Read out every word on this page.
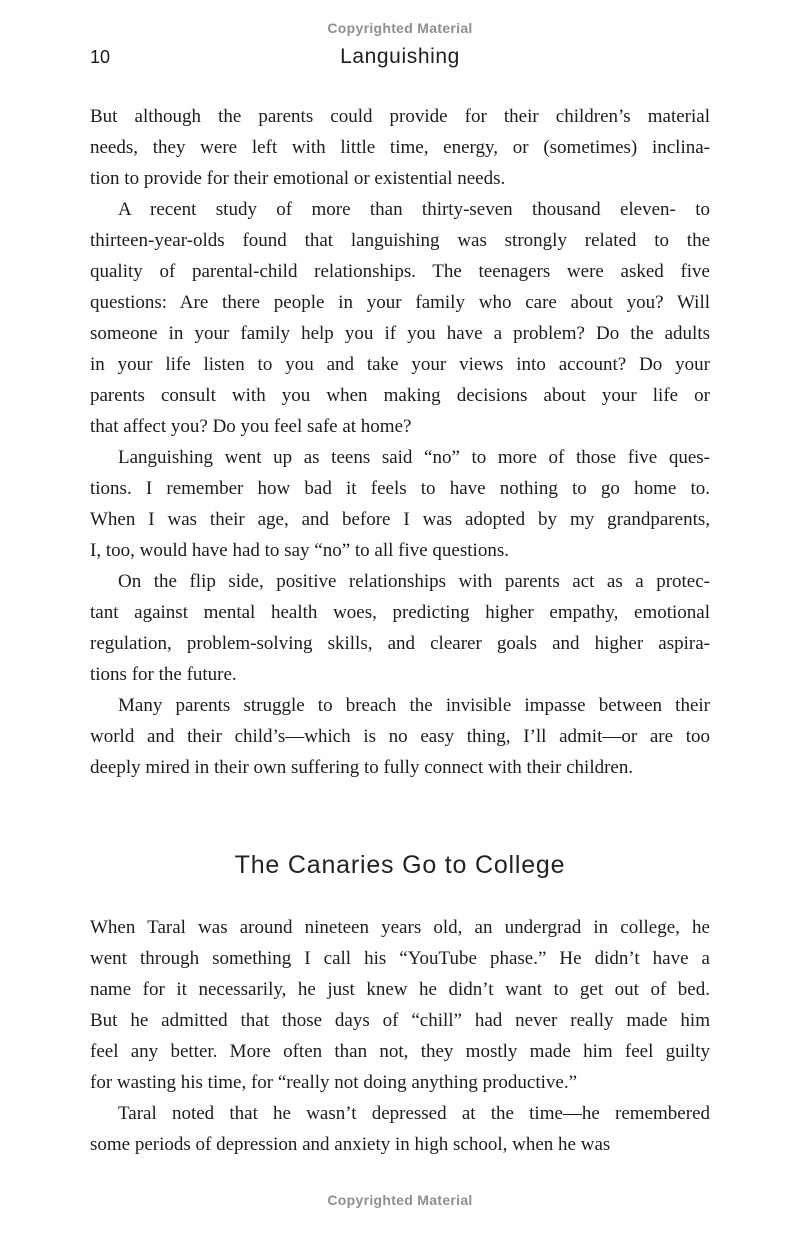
Copyrighted Material
10	Languishing
But although the parents could provide for their children’s material
needs, they were left with little time, energy, or (sometimes) inclina-
tion to provide for their emotional or existential needs.
A recent study of more than thirty-seven thousand eleven- to
thirteen-year-olds found that languishing was strongly related to the
quality of parental-child relationships. The teenagers were asked five
questions: Are there people in your family who care about you? Will
someone in your family help you if you have a problem? Do the adults
in your life listen to you and take your views into account? Do your
parents consult with you when making decisions about your life or
that affect you? Do you feel safe at home?
Languishing went up as teens said “no” to more of those five ques-
tions. I remember how bad it feels to have nothing to go home to.
When I was their age, and before I was adopted by my grandparents,
I, too, would have had to say “no” to all five questions.
On the flip side, positive relationships with parents act as a protec-
tant against mental health woes, predicting higher empathy, emotional
regulation, problem-solving skills, and clearer goals and higher aspira-
tions for the future.
Many parents struggle to breach the invisible impasse between their
world and their child’s—which is no easy thing, I’ll admit—or are too
deeply mired in their own suffering to fully connect with their children.
The Canaries Go to College
When Taral was around nineteen years old, an undergrad in college, he
went through something I call his “YouTube phase.” He didn’t have a
name for it necessarily, he just knew he didn’t want to get out of bed.
But he admitted that those days of “chill” had never really made him
feel any better. More often than not, they mostly made him feel guilty
for wasting his time, for “really not doing anything productive.”
Taral noted that he wasn’t depressed at the time—he remembered
some periods of depression and anxiety in high school, when he was
Copyrighted Material
